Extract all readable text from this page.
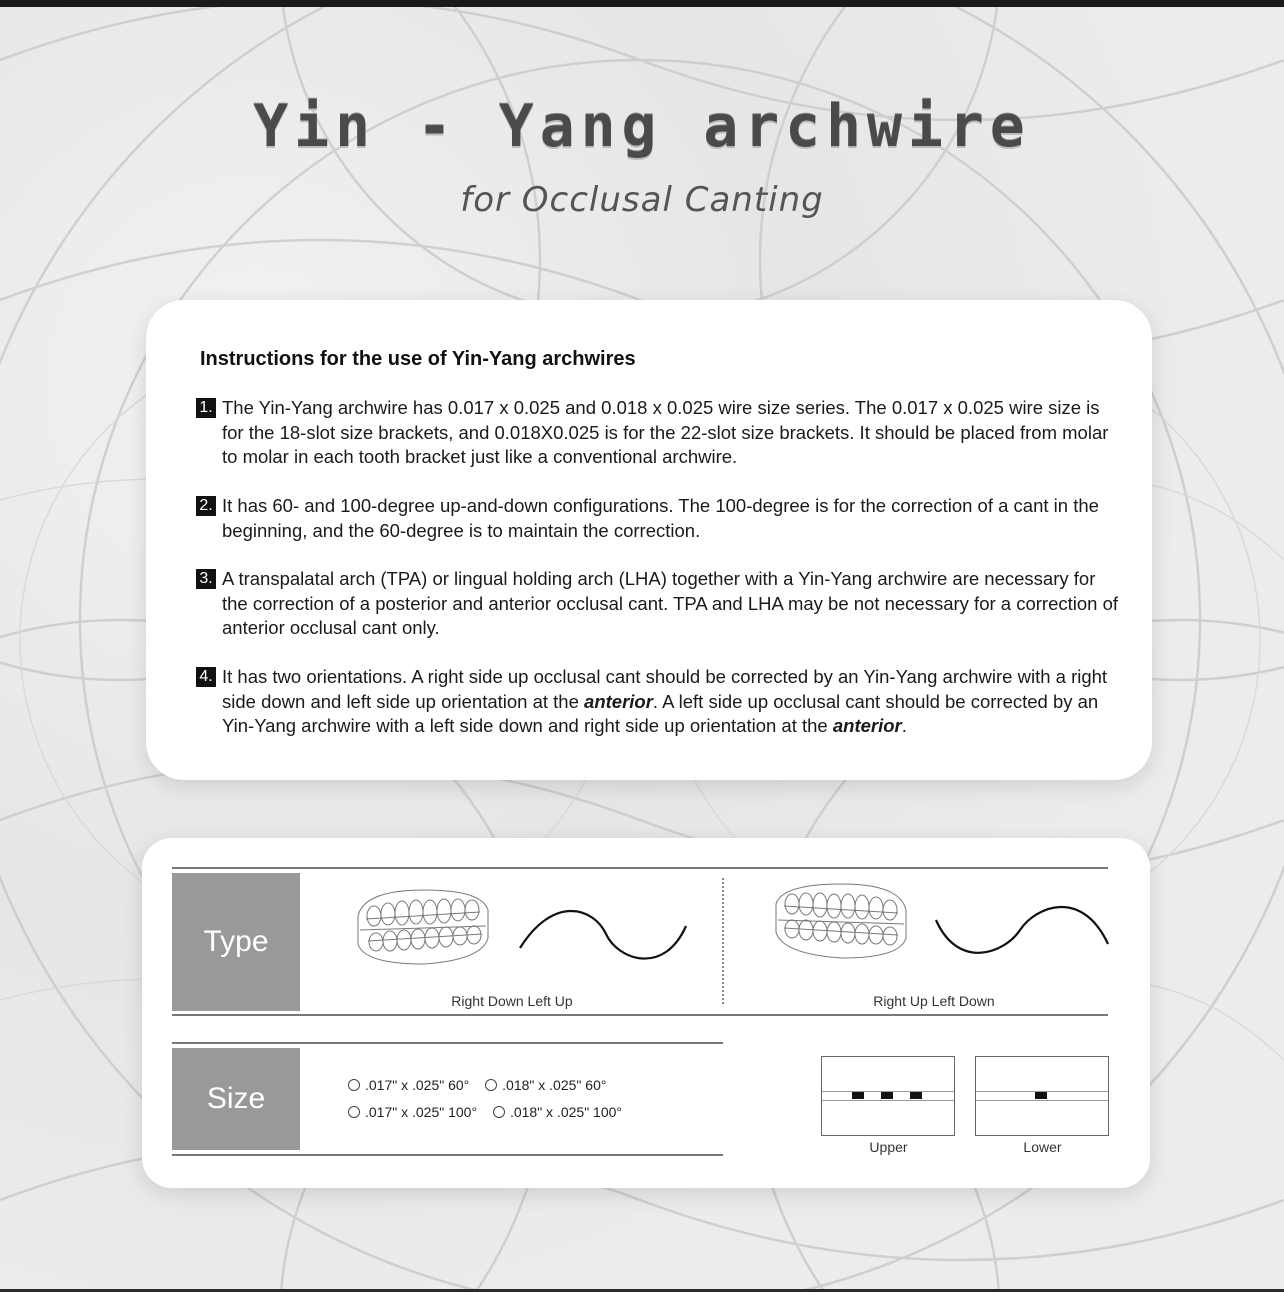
Yin - Yang archwire
for Occlusal Canting
Instructions for the use of Yin-Yang archwires
1. The Yin-Yang archwire has 0.017 x 0.025 and 0.018 x 0.025 wire size series. The 0.017 x 0.025 wire size is for the 18-slot size brackets, and 0.018X0.025 is for the 22-slot size brackets. It should be placed from molar to molar in each tooth bracket just like a conventional archwire.
2. It has 60- and 100-degree up-and-down configurations. The 100-degree is for the correction of a cant in the beginning, and the 60-degree is to maintain the correction.
3. A transpalatal arch (TPA) or lingual holding arch (LHA) together with a Yin-Yang archwire are necessary for the correction of a posterior and anterior occlusal cant. TPA and LHA may be not necessary for a correction of anterior occlusal cant only.
4. It has two orientations. A right side up occlusal cant should be corrected by an Yin-Yang archwire with a right side down and left side up orientation at the anterior. A left side up occlusal cant should be corrected by an Yin-Yang archwire with a left side down and right side up orientation at the anterior.
Type
Size
Right Down Left Up	Right Up Left Down
.017" x .025" 60° .018" x .025" 60°
.017" x .025" 100° .018" x .025" 100°
Upper	Lower
